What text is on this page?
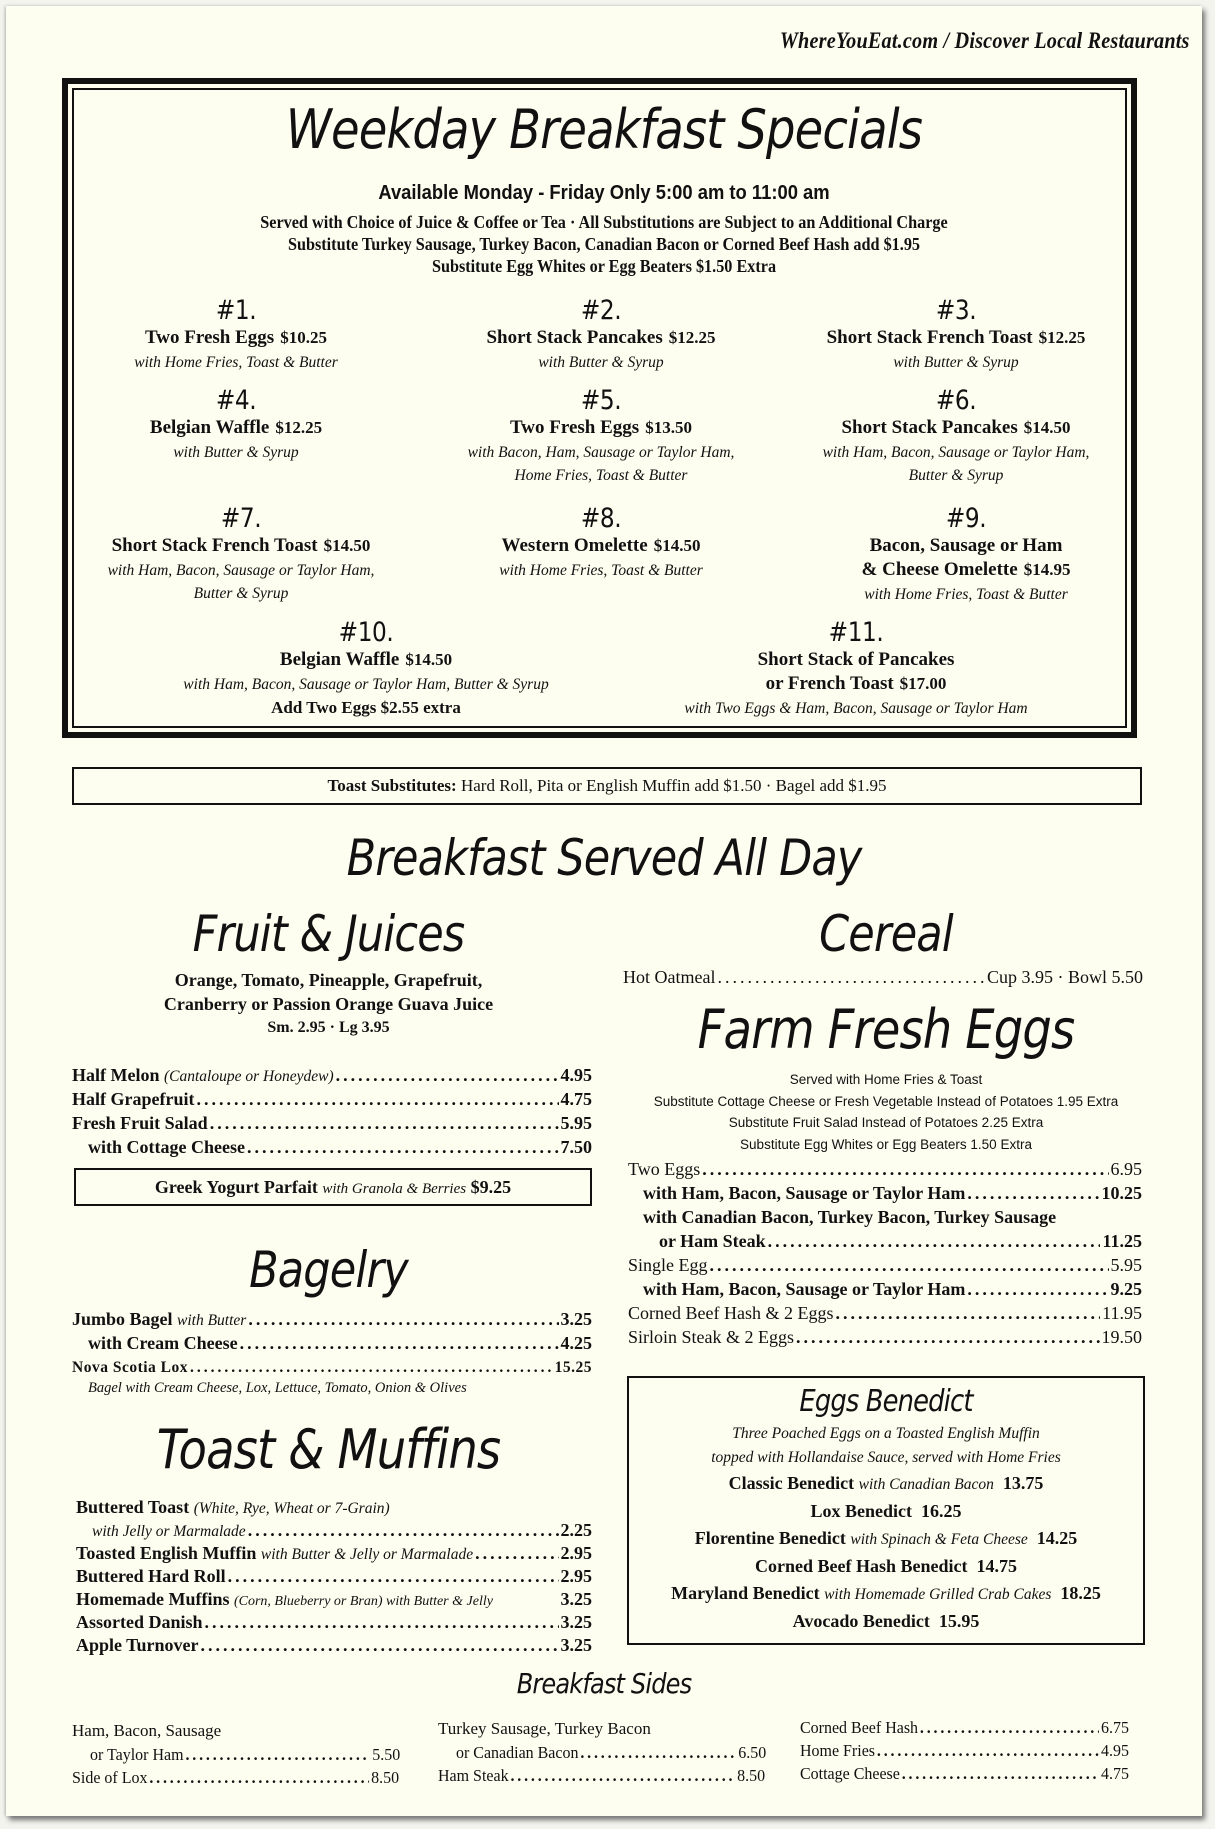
WhereYouEat.com / Discover Local Restaurants
Weekday Breakfast Specials
Available Monday - Friday Only 5:00 am to 11:00 am
Served with Choice of Juice & Coffee or Tea · All Substitutions are Subject to an Additional Charge
Substitute Turkey Sausage, Turkey Bacon, Canadian Bacon or Corned Beef Hash add $1.95
Substitute Egg Whites or Egg Beaters $1.50 Extra
#1.
Two Fresh Eggs $10.25
with Home Fries, Toast & Butter
#2.
Short Stack Pancakes $12.25
with Butter & Syrup
#3.
Short Stack French Toast $12.25
with Butter & Syrup
#4.
Belgian Waffle $12.25
with Butter & Syrup
#5.
Two Fresh Eggs $13.50
with Bacon, Ham, Sausage or Taylor Ham,
Home Fries, Toast & Butter
#6.
Short Stack Pancakes $14.50
with Ham, Bacon, Sausage or Taylor Ham,
Butter & Syrup
#7.
Short Stack French Toast $14.50
with Ham, Bacon, Sausage or Taylor Ham,
Butter & Syrup
#8.
Western Omelette $14.50
with Home Fries, Toast & Butter
#9.
Bacon, Sausage or Ham
& Cheese Omelette $14.95
with Home Fries, Toast & Butter
#10.
Belgian Waffle $14.50
with Ham, Bacon, Sausage or Taylor Ham, Butter & Syrup
Add Two Eggs $2.55 extra
#11.
Short Stack of Pancakes
or French Toast $17.00
with Two Eggs & Ham, Bacon, Sausage or Taylor Ham
Toast Substitutes: Hard Roll, Pita or English Muffin add $1.50 · Bagel add $1.95
Breakfast Served All Day
Fruit & Juices
Orange, Tomato, Pineapple, Grapefruit,
Cranberry or Passion Orange Guava Juice
Sm. 2.95 · Lg 3.95
Half Melon (Cantaloupe or Honeydew) .....	4.95
Half Grapefruit .....	4.75
Fresh Fruit Salad .....	5.95
with Cottage Cheese .....	7.50
Greek Yogurt Parfait with Granola & Berries $9.25
Cereal
Hot Oatmeal .....	Cup 3.95 · Bowl 5.50
Farm Fresh Eggs
Served with Home Fries & Toast
Substitute Cottage Cheese or Fresh Vegetable Instead of Potatoes 1.95 Extra
Substitute Fruit Salad Instead of Potatoes 2.25 Extra
Substitute Egg Whites or Egg Beaters 1.50 Extra
Two Eggs .....	6.95
with Ham, Bacon, Sausage or Taylor Ham .....	10.25
with Canadian Bacon, Turkey Bacon, Turkey Sausage
or Ham Steak .....	11.25
Single Egg .....	5.95
with Ham, Bacon, Sausage or Taylor Ham .....	9.25
Corned Beef Hash & 2 Eggs .....	11.95
Sirloin Steak & 2 Eggs .....	19.50
Bagelry
Jumbo Bagel with Butter .....	3.25
with Cream Cheese .....	4.25
Nova Scotia Lox .....	15.25
Bagel with Cream Cheese, Lox, Lettuce, Tomato, Onion & Olives
Toast & Muffins
Buttered Toast (White, Rye, Wheat or 7-Grain)
with Jelly or Marmalade .....	2.25
Toasted English Muffin with Butter & Jelly or Marmalade .....	2.95
Buttered Hard Roll .....	2.95
Homemade Muffins (Corn, Blueberry or Bran) with Butter & Jelly	3.25
Assorted Danish .....	3.25
Apple Turnover .....	3.25
Eggs Benedict
Three Poached Eggs on a Toasted English Muffin
topped with Hollandaise Sauce, served with Home Fries
Classic Benedict with Canadian Bacon 13.75
Lox Benedict 16.25
Florentine Benedict with Spinach & Feta Cheese 14.25
Corned Beef Hash Benedict 14.75
Maryland Benedict with Homemade Grilled Crab Cakes 18.25
Avocado Benedict 15.95
Breakfast Sides
Ham, Bacon, Sausage
or Taylor Ham .....	5.50
Side of Lox .....	8.50
Turkey Sausage, Turkey Bacon
or Canadian Bacon .....	6.50
Ham Steak .....	8.50
Corned Beef Hash .....	6.75
Home Fries .....	4.95
Cottage Cheese .....	4.75
